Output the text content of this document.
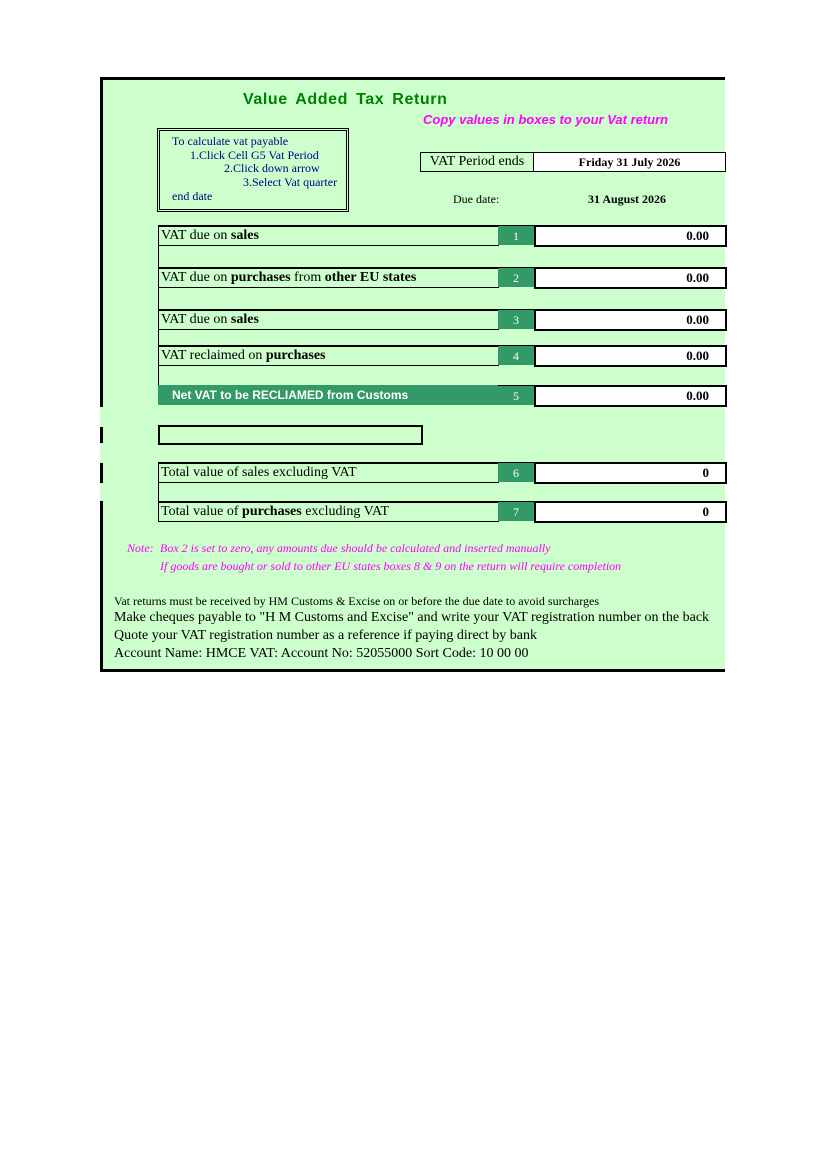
Value Added Tax Return
Copy values in boxes to your Vat return
To calculate vat payable
1.Click Cell G5 Vat Period
2.Click down arrow
3.Select Vat quarter
end date
VAT Period ends	Friday 31 July 2026
Due date:	31 August 2026
VAT due on sales	1	0.00
VAT due on purchases from other EU states	2	0.00
VAT due on sales	3	0.00
VAT reclaimed on purchases	4	0.00
Net VAT to be RECLIAMED from Customs	5	0.00
Total value of sales excluding VAT	6	0
Total value of purchases excluding VAT	7	0
Note: Box 2 is set to zero, any amounts due should be calculated and inserted manually
If goods are bought or sold to other EU states boxes 8 & 9 on the return will require completion
Vat returns must be received by HM Customs & Excise on or before the due date to avoid surcharges
Make cheques payable to "H M Customs and Excise" and write your VAT registration number on the back
Quote your VAT registration number as a reference if paying direct by bank
Account Name: HMCE VAT: Account No: 52055000 Sort Code: 10 00 00
